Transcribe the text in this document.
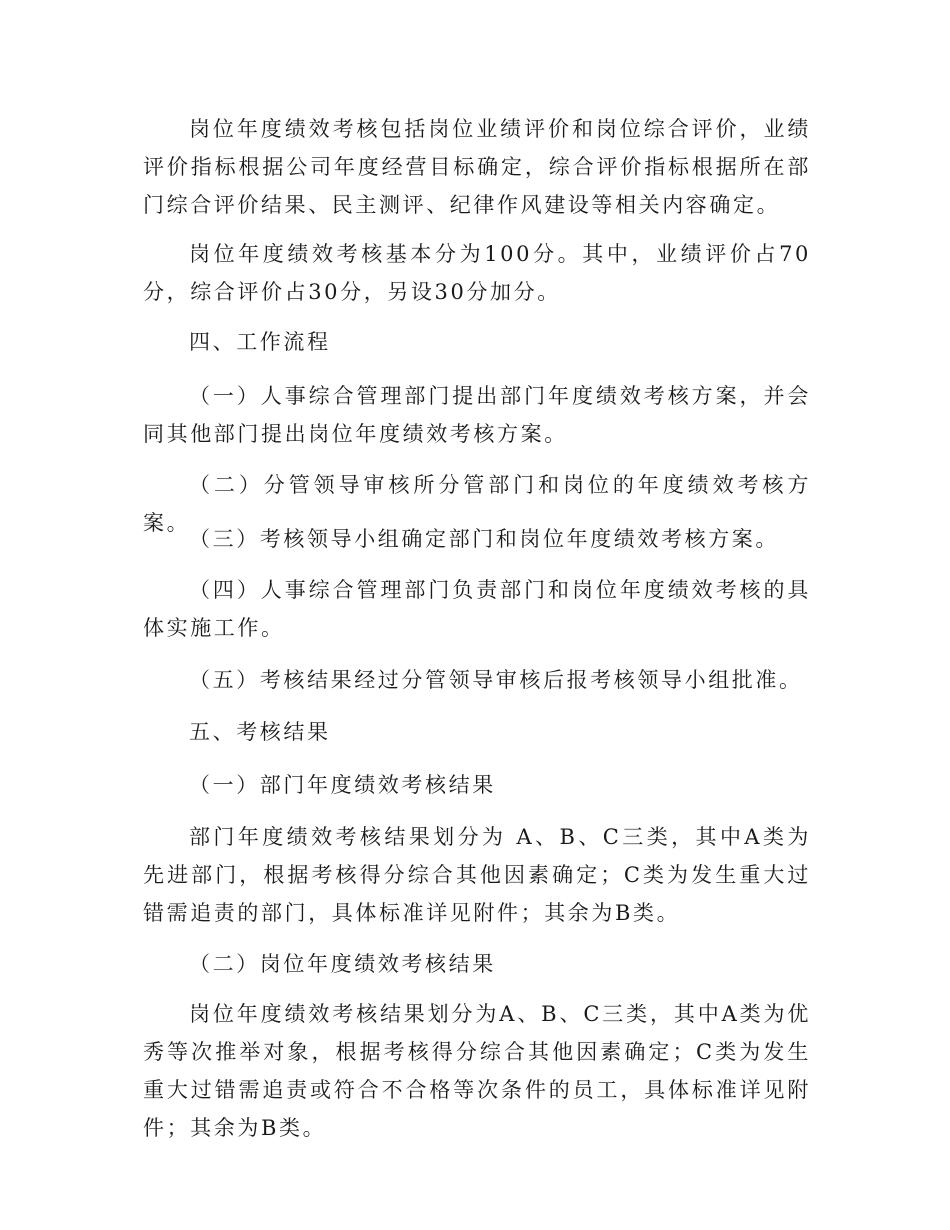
岗位年度绩效考核包括岗位业绩评价和岗位综合评价，业绩评价指标根据公司年度经营目标确定，综合评价指标根据所在部门综合评价结果、民主测评、纪律作风建设等相关内容确定。

岗位年度绩效考核基本分为100分。其中，业绩评价占70分，综合评价占30分，另设30分加分。

四、工作流程

（一）人事综合管理部门提出部门年度绩效考核方案，并会同其他部门提出岗位年度绩效考核方案。

（二）分管领导审核所分管部门和岗位的年度绩效考核方案。

（三）考核领导小组确定部门和岗位年度绩效考核方案。

（四）人事综合管理部门负责部门和岗位年度绩效考核的具体实施工作。

（五）考核结果经过分管领导审核后报考核领导小组批准。

五、考核结果

（一）部门年度绩效考核结果

部门年度绩效考核结果划分为 A、B、C三类，其中A类为先进部门，根据考核得分综合其他因素确定；C类为发生重大过错需追责的部门，具体标准详见附件；其余为B类。

（二）岗位年度绩效考核结果

岗位年度绩效考核结果划分为A、B、C三类，其中A类为优秀等次推举对象，根据考核得分综合其他因素确定；C类为发生重大过错需追责或符合不合格等次条件的员工，具体标准详见附件；其余为B类。
